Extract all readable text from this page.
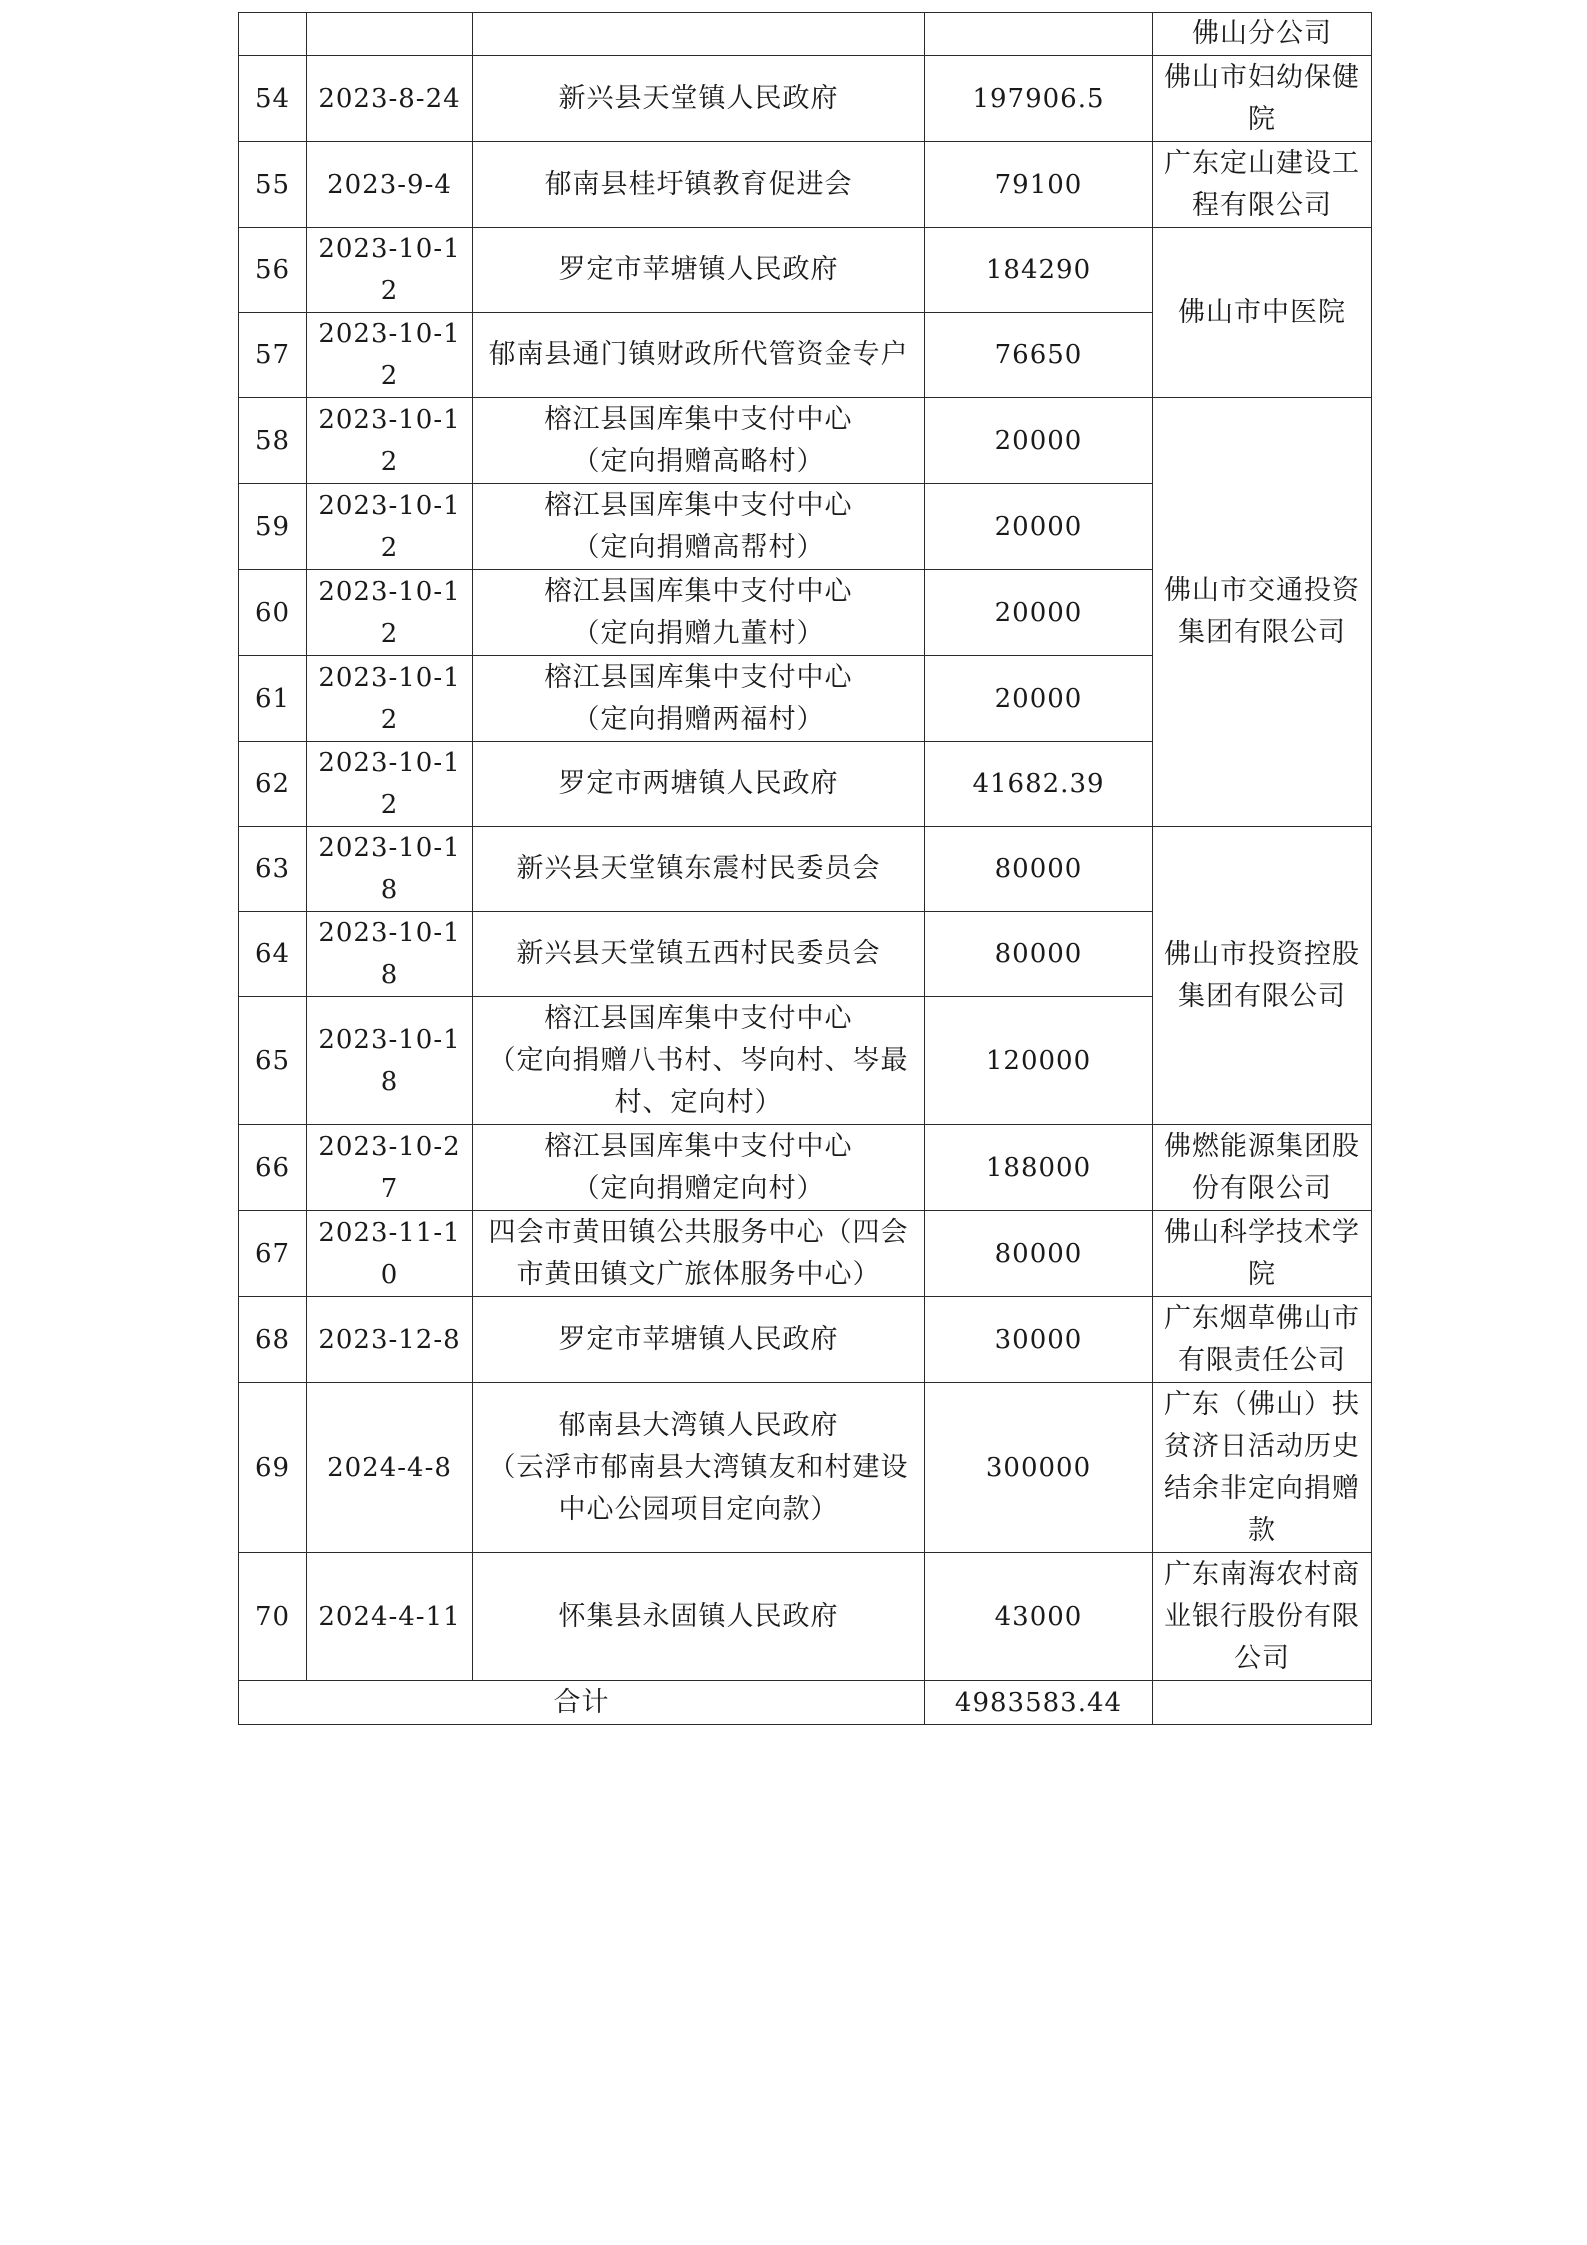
				佛山分公司
54	2023-8-24	新兴县天堂镇人民政府	197906.5	佛山市妇幼保健
院

55	2023-9-4	郁南县桂圩镇教育促进会	79100	广东定山建设工
程有限公司

56	2023-10-12	罗定市苹塘镇人民政府	184290	佛山市中医院
57	2023-10-12	郁南县通门镇财政所代管资金专户	76650	
58	2023-10-12	榕江县国库集中支付中心
（定向捐赠高略村）	20000	佛山市交通投资
集团有限公司

59	2023-10-12	榕江县国库集中支付中心
（定向捐赠高帮村）	20000	
60	2023-10-12	榕江县国库集中支付中心
（定向捐赠九董村）	20000	
61	2023-10-12	榕江县国库集中支付中心
（定向捐赠两福村）	20000	
62	2023-10-12	罗定市两塘镇人民政府	41682.39	
63	2023-10-18	新兴县天堂镇东震村民委员会	80000	佛山市投资控股
集团有限公司

64	2023-10-18	新兴县天堂镇五西村民委员会	80000	
65	2023-10-18	榕江县国库集中支付中心
（定向捐赠八书村、岑向村、岑最
村、定向村）	120000	
66	2023-10-27	榕江县国库集中支付中心
（定向捐赠定向村）	188000	佛燃能源集团股
份有限公司

67	2023-11-10	四会市黄田镇公共服务中心（四会
市黄田镇文广旅体服务中心）	80000	佛山科学技术学
院

68	2023-12-8	罗定市苹塘镇人民政府	30000	广东烟草佛山市
有限责任公司

69	2024-4-8	郁南县大湾镇人民政府
（云浮市郁南县大湾镇友和村建设
中心公园项目定向款）	300000	广东（佛山）扶
贫济日活动历史
结余非定向捐赠
款

70	2024-4-11	怀集县永固镇人民政府	43000	广东南海农村商
业银行股份有限
公司

合计			4983583.44	
